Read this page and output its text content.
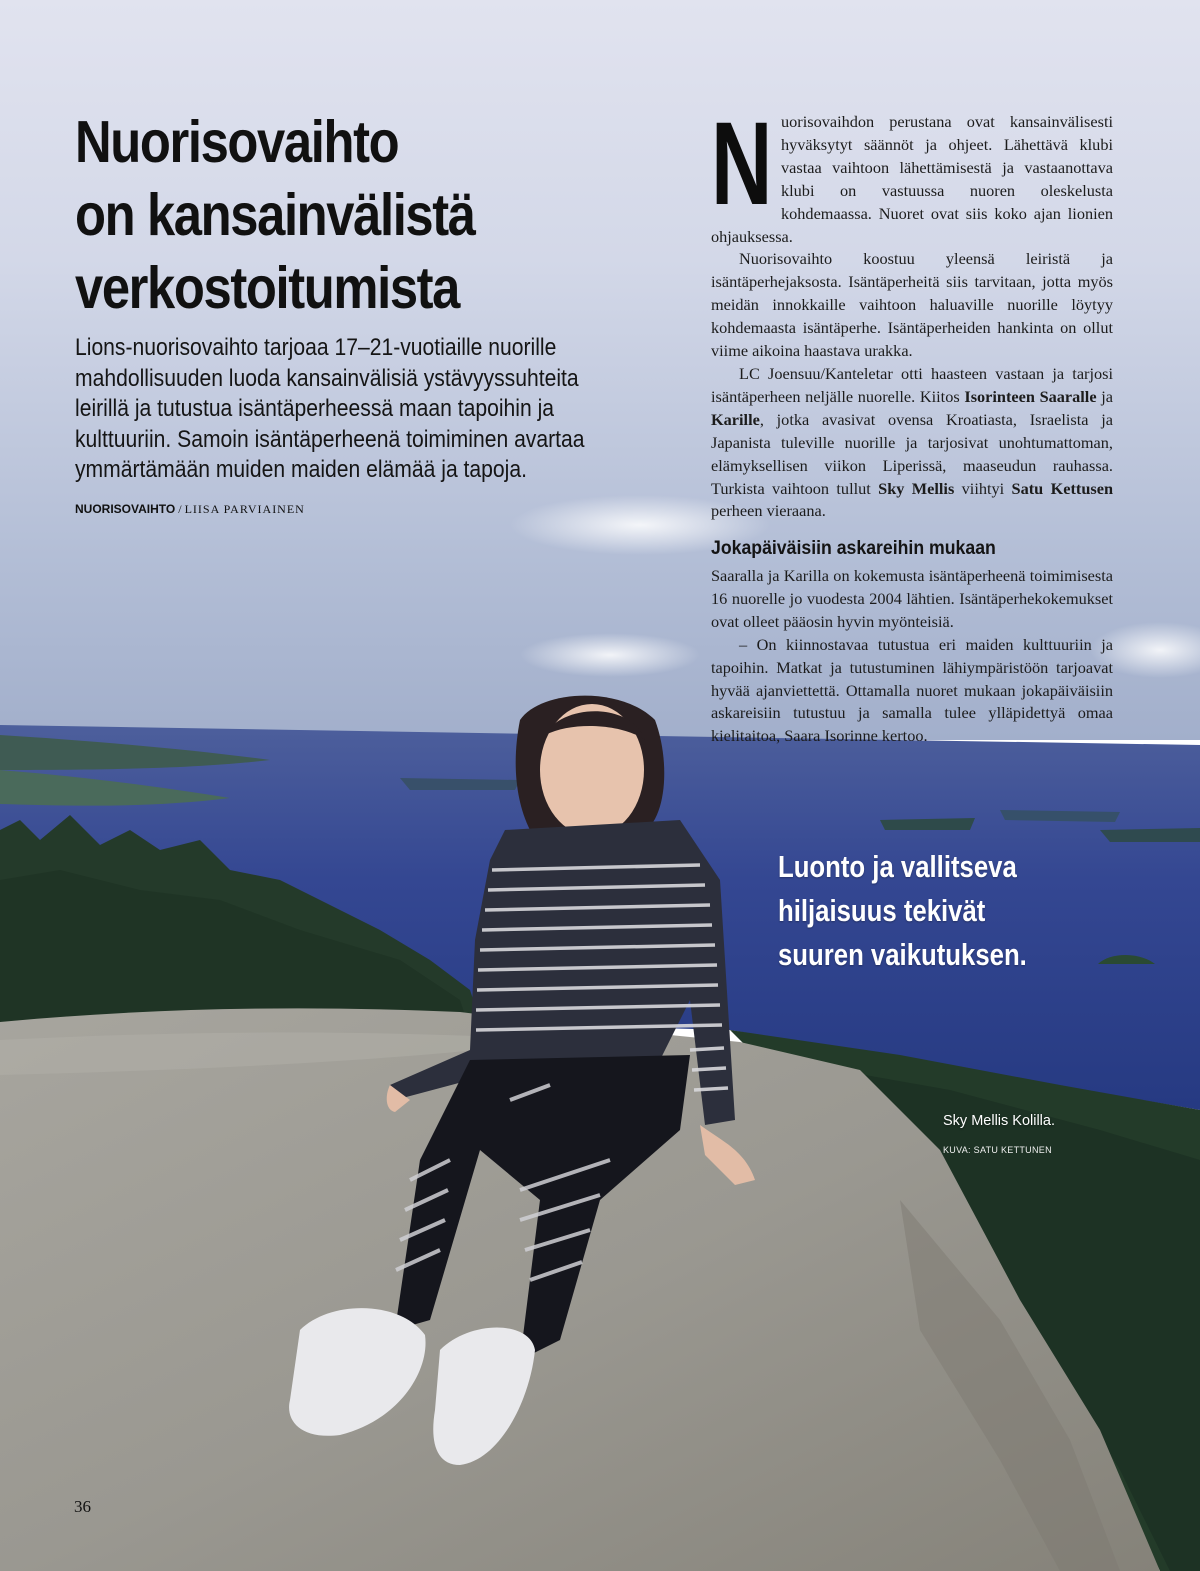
Nuorisovaihto
on kansainvälistä
verkostoitumista

Lions-nuorisovaihto tarjoaa 17–21-vuotiaille nuorille mahdollisuuden luoda kansainvälisiä ystävyyssuhteita leirillä ja tutustua isäntäperheessä maan tapoihin ja kulttuuriin. Samoin isäntäperheenä toimiminen avartaa ymmärtämään muiden maiden elämää ja tapoja.

NUORISOVAIHTO / LIISA PARVIAINEN
N uorisovaihdon perustana ovat kansainvälisesti hyväksytyt säännöt ja ohjeet. Lähettävä klubi vastaa vaihtoon lähettämisestä ja vastaanottava klubi on vastuussa nuoren oleskelusta kohdemaassa. Nuoret ovat siis koko ajan lionien ohjauksessa.

Nuorisovaihto koostuu yleensä leiristä ja isäntäperhejaksosta. Isäntäperheitä siis tarvitaan, jotta myös meidän innokkaille vaihtoon haluaville nuorille löytyy kohdemaasta isäntäperhe. Isäntäperheiden hankinta on ollut viime aikoina haastava urakka.

LC Joensuu/Kanteletar otti haasteen vastaan ja tarjosi isäntäperheen neljälle nuorelle. Kiitos Isorinteen Saaralle ja Karille, jotka avasivat ovensa Kroatiasta, Israelista ja Japanista tuleville nuorille ja tarjosivat unohtumattoman, elämyksellisen viikon Liperissä, maaseudun rauhassa. Turkista vaihtoon tullut Sky Mellis viihtyi Satu Kettusen perheen vieraana.

Jokapäiväisiin askareihin mukaan

Saaralla ja Karilla on kokemusta isäntäperheenä toimimisesta 16 nuorelle jo vuodesta 2004 lähtien. Isäntäperhekokemukset ovat olleet pääosin hyvin myönteisiä.

– On kiinnostavaa tutustua eri maiden kulttuuriin ja tapoihin. Matkat ja tutustuminen lähiympäristöön tarjoavat hyvää ajanviettettä. Ottamalla nuoret mukaan jokapäiväisiin askareisiin tutustuu ja samalla tulee ylläpidettyä omaa kielitaitoa, Saara Isorinne kertoo.

Luonto ja vallitseva
hiljaisuus tekivät
suuren vaikutuksen.

Sky Mellis Kolilla.
KUVA: SATU KETTUNEN
36
